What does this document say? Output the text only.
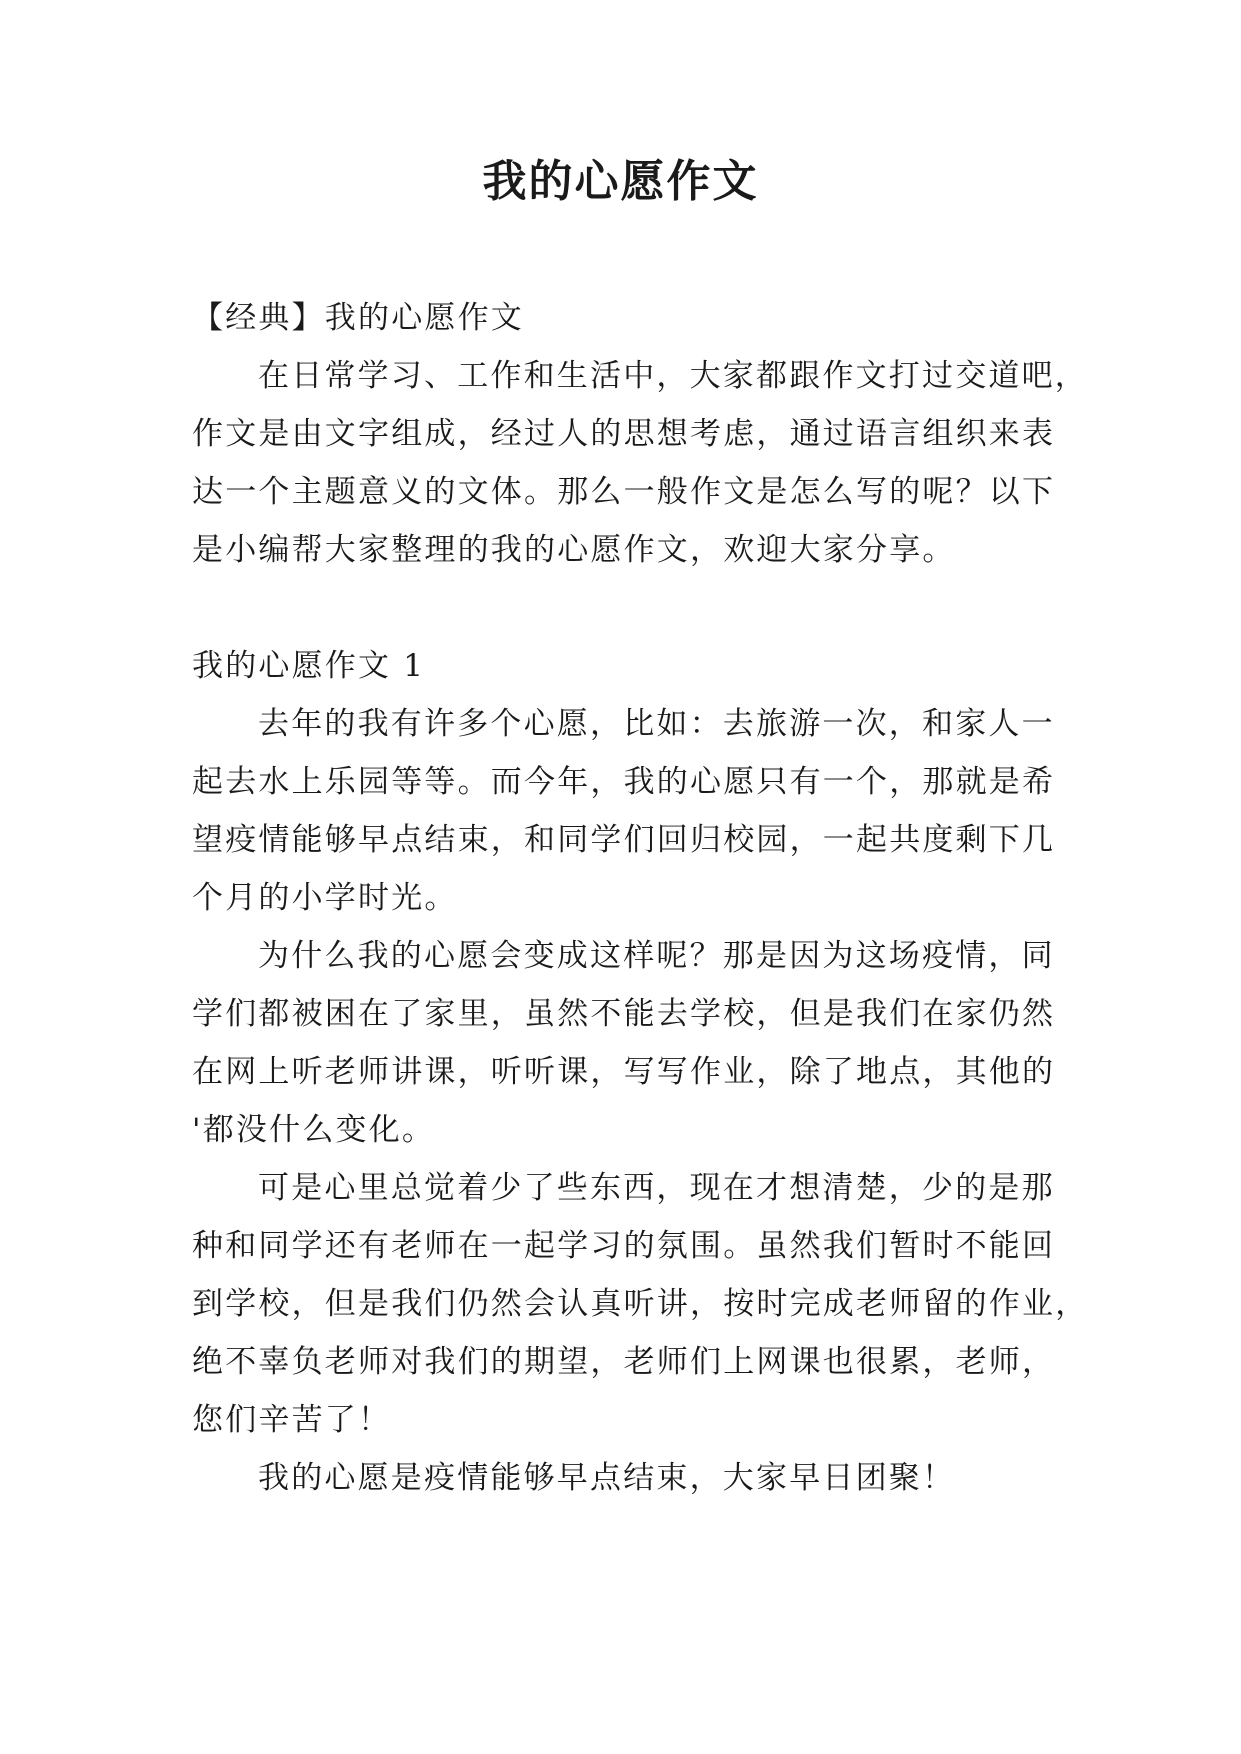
我的心愿作文

【经典】我的心愿作文

在日常学习、工作和生活中，大家都跟作文打过交道吧，

作文是由文字组成，经过人的思想考虑，通过语言组织来表

达一个主题意义的文体。那么一般作文是怎么写的呢？以下

是小编帮大家整理的我的心愿作文，欢迎大家分享。

我的心愿作文 1

去年的我有许多个心愿，比如：去旅游一次，和家人一

起去水上乐园等等。而今年，我的心愿只有一个，那就是希

望疫情能够早点结束，和同学们回归校园，一起共度剩下几

个月的小学时光。

为什么我的心愿会变成这样呢？那是因为这场疫情，同

学们都被困在了家里，虽然不能去学校，但是我们在家仍然

在网上听老师讲课，听听课，写写作业，除了地点，其他的

'都没什么变化。

可是心里总觉着少了些东西，现在才想清楚，少的是那

种和同学还有老师在一起学习的氛围。虽然我们暂时不能回

到学校，但是我们仍然会认真听讲，按时完成老师留的作业，

绝不辜负老师对我们的期望，老师们上网课也很累，老师，

您们辛苦了！

我的心愿是疫情能够早点结束，大家早日团聚！
